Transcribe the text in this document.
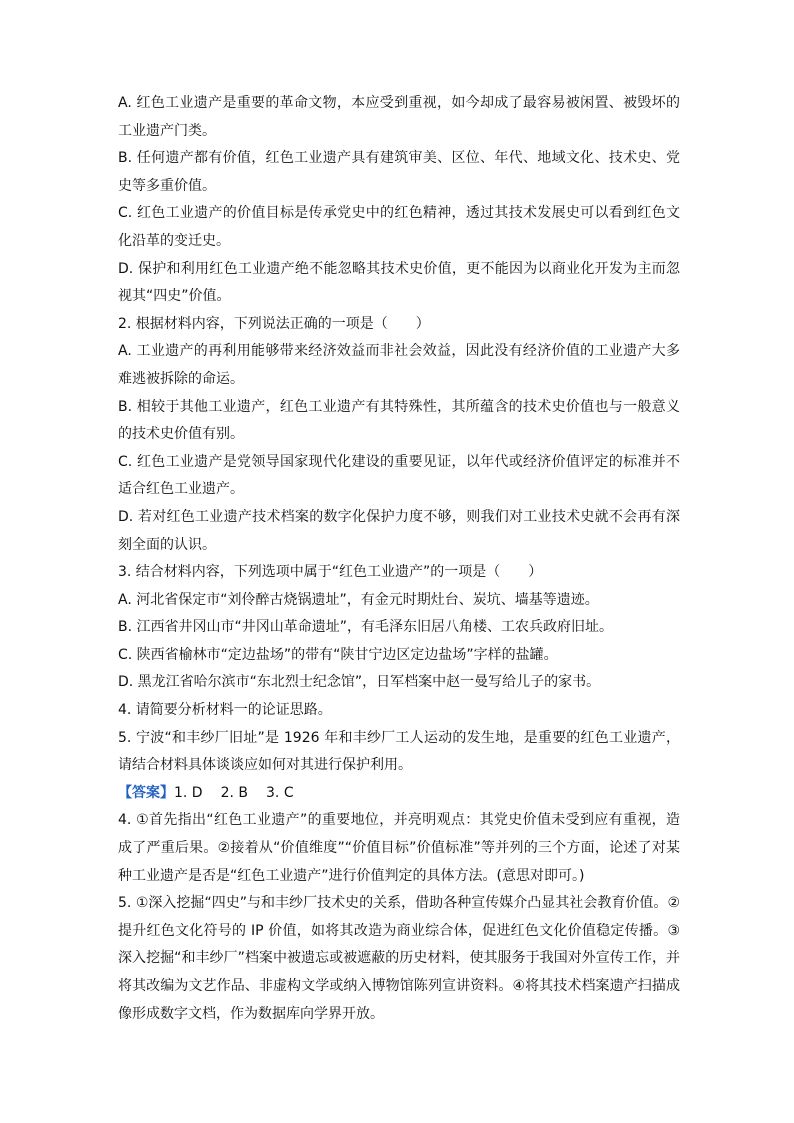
A. 红色工业遗产是重要的革命文物，本应受到重视，如今却成了最容易被闲置、被毁坏的工业遗产门类。

B. 任何遗产都有价值，红色工业遗产具有建筑审美、区位、年代、地域文化、技术史、党史等多重价值。

C. 红色工业遗产的价值目标是传承党史中的红色精神，透过其技术发展史可以看到红色文化沿革的变迁史。

D. 保护和利用红色工业遗产绝不能忽略其技术史价值，更不能因为以商业化开发为主而忽视其“四史”价值。

2. 根据材料内容，下列说法正确的一项是（　　）

A. 工业遗产的再利用能够带来经济效益而非社会效益，因此没有经济价值的工业遗产大多难逃被拆除的命运。

B. 相较于其他工业遗产，红色工业遗产有其特殊性，其所蕴含的技术史价值也与一般意义的技术史价值有别。

C. 红色工业遗产是党领导国家现代化建设的重要见证，以年代或经济价值评定的标准并不适合红色工业遗产。

D. 若对红色工业遗产技术档案的数字化保护力度不够，则我们对工业技术史就不会再有深刻全面的认识。

3. 结合材料内容，下列选项中属于“红色工业遗产”的一项是（　　）

A. 河北省保定市“刘伶醉古烧锅遗址”，有金元时期灶台、炭坑、墙基等遗迹。

B. 江西省井冈山市“井冈山革命遗址”，有毛泽东旧居八角楼、工农兵政府旧址。

C. 陕西省榆林市“定边盐场”的带有“陕甘宁边区定边盐场”字样的盐罐。

D. 黑龙江省哈尔滨市“东北烈士纪念馆”，日军档案中赵一曼写给儿子的家书。

4. 请简要分析材料一的论证思路。

5. 宁波“和丰纱厂旧址”是 1926 年和丰纱厂工人运动的发生地，是重要的红色工业遗产，请结合材料具体谈谈应如何对其进行保护利用。

【答案】1. D 2. B 3. C

4. ①首先指出“红色工业遗产”的重要地位，并亮明观点：其党史价值未受到应有重视，造成了严重后果。②接着从“价值维度”“价值目标”价值标准”等并列的三个方面，论述了对某种工业遗产是否是“红色工业遗产”进行价值判定的具体方法。(意思对即可。)

5. ①深入挖掘“四史”与和丰纱厂技术史的关系，借助各种宣传媒介凸显其社会教育价值。②提升红色文化符号的 IP 价值，如将其改造为商业综合体，促进红色文化价值稳定传播。③深入挖掘“和丰纱厂”档案中被遗忘或被遮蔽的历史材料，使其服务于我国对外宣传工作，并将其改编为文艺作品、非虚构文学或纳入博物馆陈列宣讲资料。④将其技术档案遗产扫描成像形成数字文档，作为数据库向学界开放。
